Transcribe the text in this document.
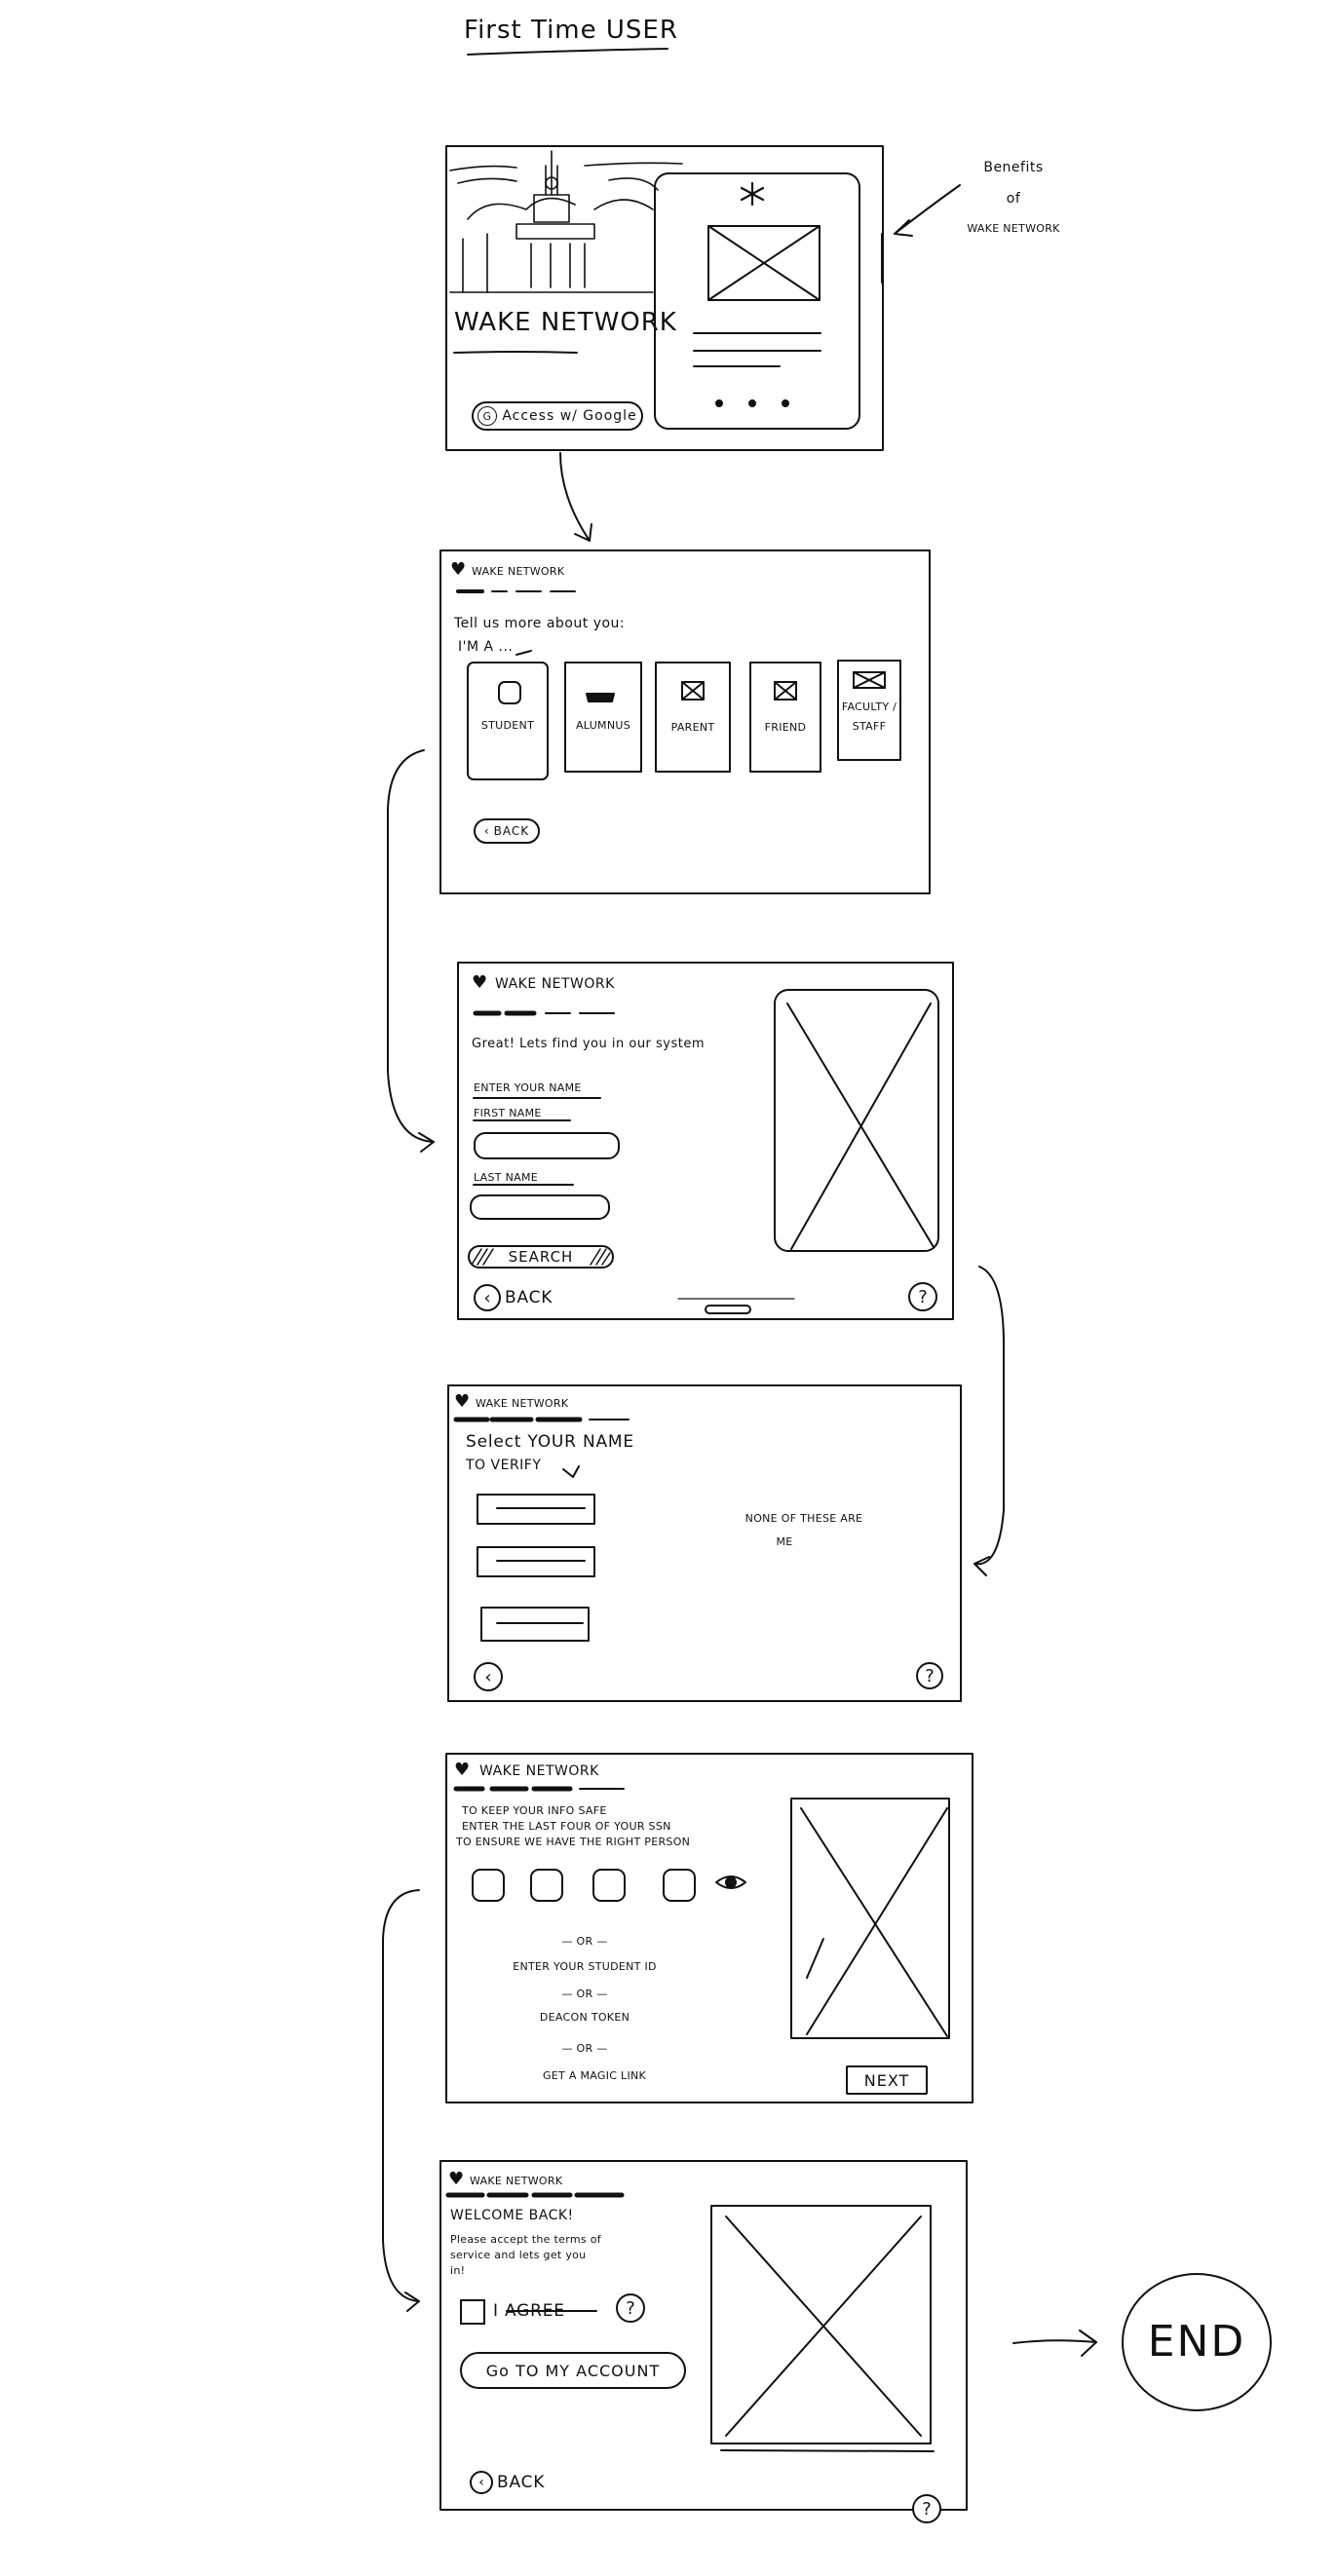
First Time USER
Benefits
of
WAKE NETWORK
WAKE NETWORK
G Access w/ Google
♥ WAKE NETWORK
Tell us more about you:
I'M A ...
STUDENT	ALUMNUS	PARENT	FRIEND
FACULTY / STAFF
‹ BACK
♥ WAKE NETWORK
Great! Lets find you in our system
ENTER YOUR NAME
FIRST NAME
LAST NAME
SEARCH
‹ BACK	?
♥ WAKE NETWORK
Select YOUR NAME
TO VERIFY
NONE OF THESE ARE
ME
‹	?
♥ WAKE NETWORK
TO KEEP YOUR INFO SAFE
ENTER THE LAST FOUR OF YOUR SSN
TO ENSURE WE HAVE THE RIGHT PERSON
— OR —
ENTER YOUR STUDENT ID
— OR —
DEACON TOKEN
— OR —
GET A MAGIC LINK	NEXT
♥ WAKE NETWORK
WELCOME BACK!
Please accept the terms of
service and lets get you
in!
I AGREE	?
Go TO MY ACCOUNT
‹ BACK
?
END
